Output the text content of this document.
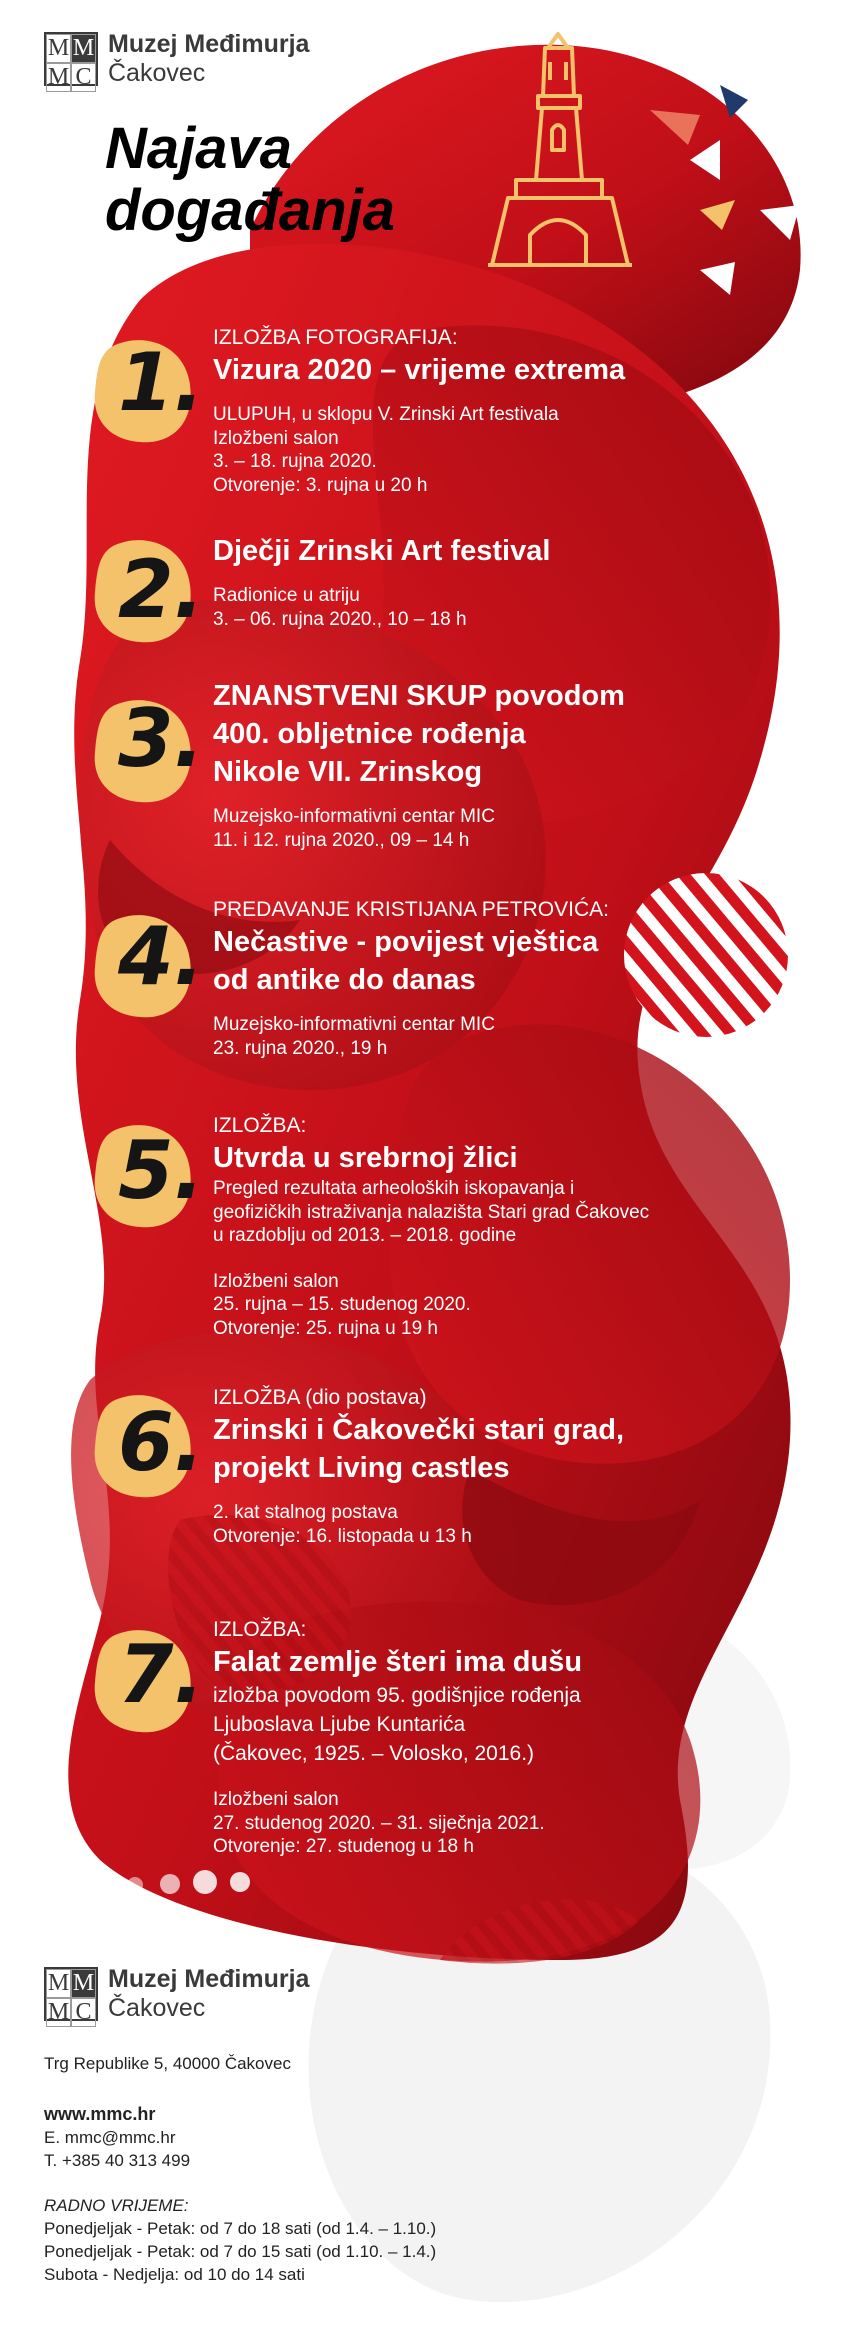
M M
M C
Muzej Međimurja
Čakovec
Najava
događanja
1. IZLOŽBA FOTOGRAFIJA:
Vizura 2020 – vrijeme extrema
ULUPUH, u sklopu V. Zrinski Art festivala
Izložbeni salon
3. – 18. rujna 2020.
Otvorenje: 3. rujna u 20 h
2. Dječji Zrinski Art festival
Radionice u atriju
3. – 06. rujna 2020., 10 – 18 h
3. ZNANSTVENI SKUP povodom
400. obljetnice rođenja
Nikole VII. Zrinskog
Muzejsko-informativni centar MIC
11. i 12. rujna 2020., 09 – 14 h
4.
PREDAVANJE KRISTIJANA PETROVIĆA:
Nečastive - povijest vještica
od antike do danas
Muzejsko-informativni centar MIC
23. rujna 2020., 19 h
5. IZLOŽBA:
Utvrda u srebrnoj žlici
Pregled rezultata arheoloških iskopavanja i
geofizičkih istraživanja nalazišta Stari grad Čakovec
u razdoblju od 2013. – 2018. godine
Izložbeni salon
25. rujna – 15. studenog 2020.
Otvorenje: 25. rujna u 19 h
6. IZLOŽBA (dio postava)
Zrinski i Čakovečki stari grad,
projekt Living castles
2. kat stalnog postava
Otvorenje: 16. listopada u 13 h
7. IZLOŽBA:
Falat zemlje šteri ima dušu
izložba povodom 95. godišnjice rođenja
Ljuboslava Ljube Kuntarića
(Čakovec, 1925. – Volosko, 2016.)
Izložbeni salon
27. studenog 2020. – 31. siječnja 2021.
Otvorenje: 27. studenog u 18 h
M M
M C
Muzej Međimurja
Čakovec
Trg Republike 5, 40000 Čakovec
www.mmc.hr
E. mmc@mmc.hr
T. +385 40 313 499
RADNO VRIJEME:
Ponedjeljak - Petak: od 7 do 18 sati (od 1.4. – 1.10.)
Ponedjeljak - Petak: od 7 do 15 sati (od 1.10. – 1.4.)
Subota - Nedjelja: od 10 do 14 sati
